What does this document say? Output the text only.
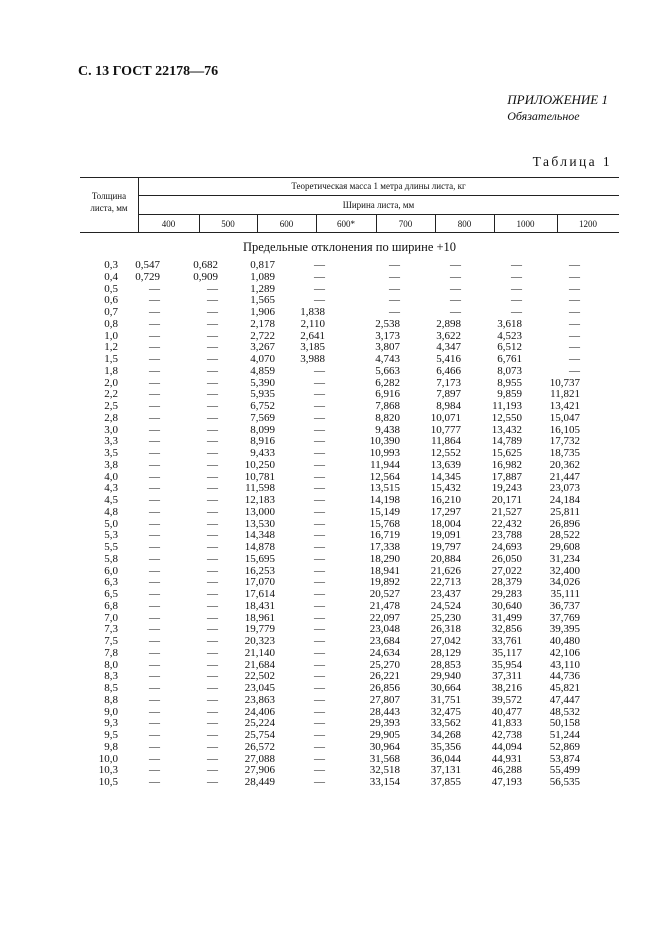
С. 13 ГОСТ 22178—76
ПРИЛОЖЕНИЕ 1
Обязательное
Таблица 1
Толщина листа, мм
Теоретическая масса 1 метра длины листа, кг
Ширина листа, мм
400	500	600	600*	700	800	1000	1200
Предельные отклонения по ширине +10
0,3	0,547	0,682	0,817	—	—	—	—	—
0,4	0,729	0,909	1,089	—	—	—	—	—
0,5	—	—	1,289	—	—	—	—	—
0,6	—	—	1,565	—	—	—	—	—
0,7	—	—	1,906	1,838	—	—	—	—
0,8	—	—	2,178	2,110	2,538	2,898	3,618	—
1,0	—	—	2,722	2,641	3,173	3,622	4,523	—
1,2	—	—	3,267	3,185	3,807	4,347	6,512	—
1,5	—	—	4,070	3,988	4,743	5,416	6,761	—
1,8	—	—	4,859	—	5,663	6,466	8,073	—
2,0	—	—	5,390	—	6,282	7,173	8,955	10,737
2,2	—	—	5,935	—	6,916	7,897	9,859	11,821
2,5	—	—	6,752	—	7,868	8,984	11,193	13,421
2,8	—	—	7,569	—	8,820	10,071	12,550	15,047
3,0	—	—	8,099	—	9,438	10,777	13,432	16,105
3,3	—	—	8,916	—	10,390	11,864	14,789	17,732
3,5	—	—	9,433	—	10,993	12,552	15,625	18,735
3,8	—	—	10,250	—	11,944	13,639	16,982	20,362
4,0	—	—	10,781	—	12,564	14,345	17,887	21,447
4,3	—	—	11,598	—	13,515	15,432	19,243	23,073
4,5	—	—	12,183	—	14,198	16,210	20,171	24,184
4,8	—	—	13,000	—	15,149	17,297	21,527	25,811
5,0	—	—	13,530	—	15,768	18,004	22,432	26,896
5,3	—	—	14,348	—	16,719	19,091	23,788	28,522
5,5	—	—	14,878	—	17,338	19,797	24,693	29,608
5,8	—	—	15,695	—	18,290	20,884	26,050	31,234
6,0	—	—	16,253	—	18,941	21,626	27,022	32,400
6,3	—	—	17,070	—	19,892	22,713	28,379	34,026
6,5	—	—	17,614	—	20,527	23,437	29,283	35,111
6,8	—	—	18,431	—	21,478	24,524	30,640	36,737
7,0	—	—	18,961	—	22,097	25,230	31,499	37,769
7,3	—	—	19,779	—	23,048	26,318	32,856	39,395
7,5	—	—	20,323	—	23,684	27,042	33,761	40,480
7,8	—	—	21,140	—	24,634	28,129	35,117	42,106
8,0	—	—	21,684	—	25,270	28,853	35,954	43,110
8,3	—	—	22,502	—	26,221	29,940	37,311	44,736
8,5	—	—	23,045	—	26,856	30,664	38,216	45,821
8,8	—	—	23,863	—	27,807	31,751	39,572	47,447
9,0	—	—	24,406	—	28,443	32,475	40,477	48,532
9,3	—	—	25,224	—	29,393	33,562	41,833	50,158
9,5	—	—	25,754	—	29,905	34,268	42,738	51,244
9,8	—	—	26,572	—	30,964	35,356	44,094	52,869
10,0	—	—	27,088	—	31,568	36,044	44,931	53,874
10,3	—	—	27,906	—	32,518	37,131	46,288	55,499
10,5	—	—	28,449	—	33,154	37,855	47,193	56,535
